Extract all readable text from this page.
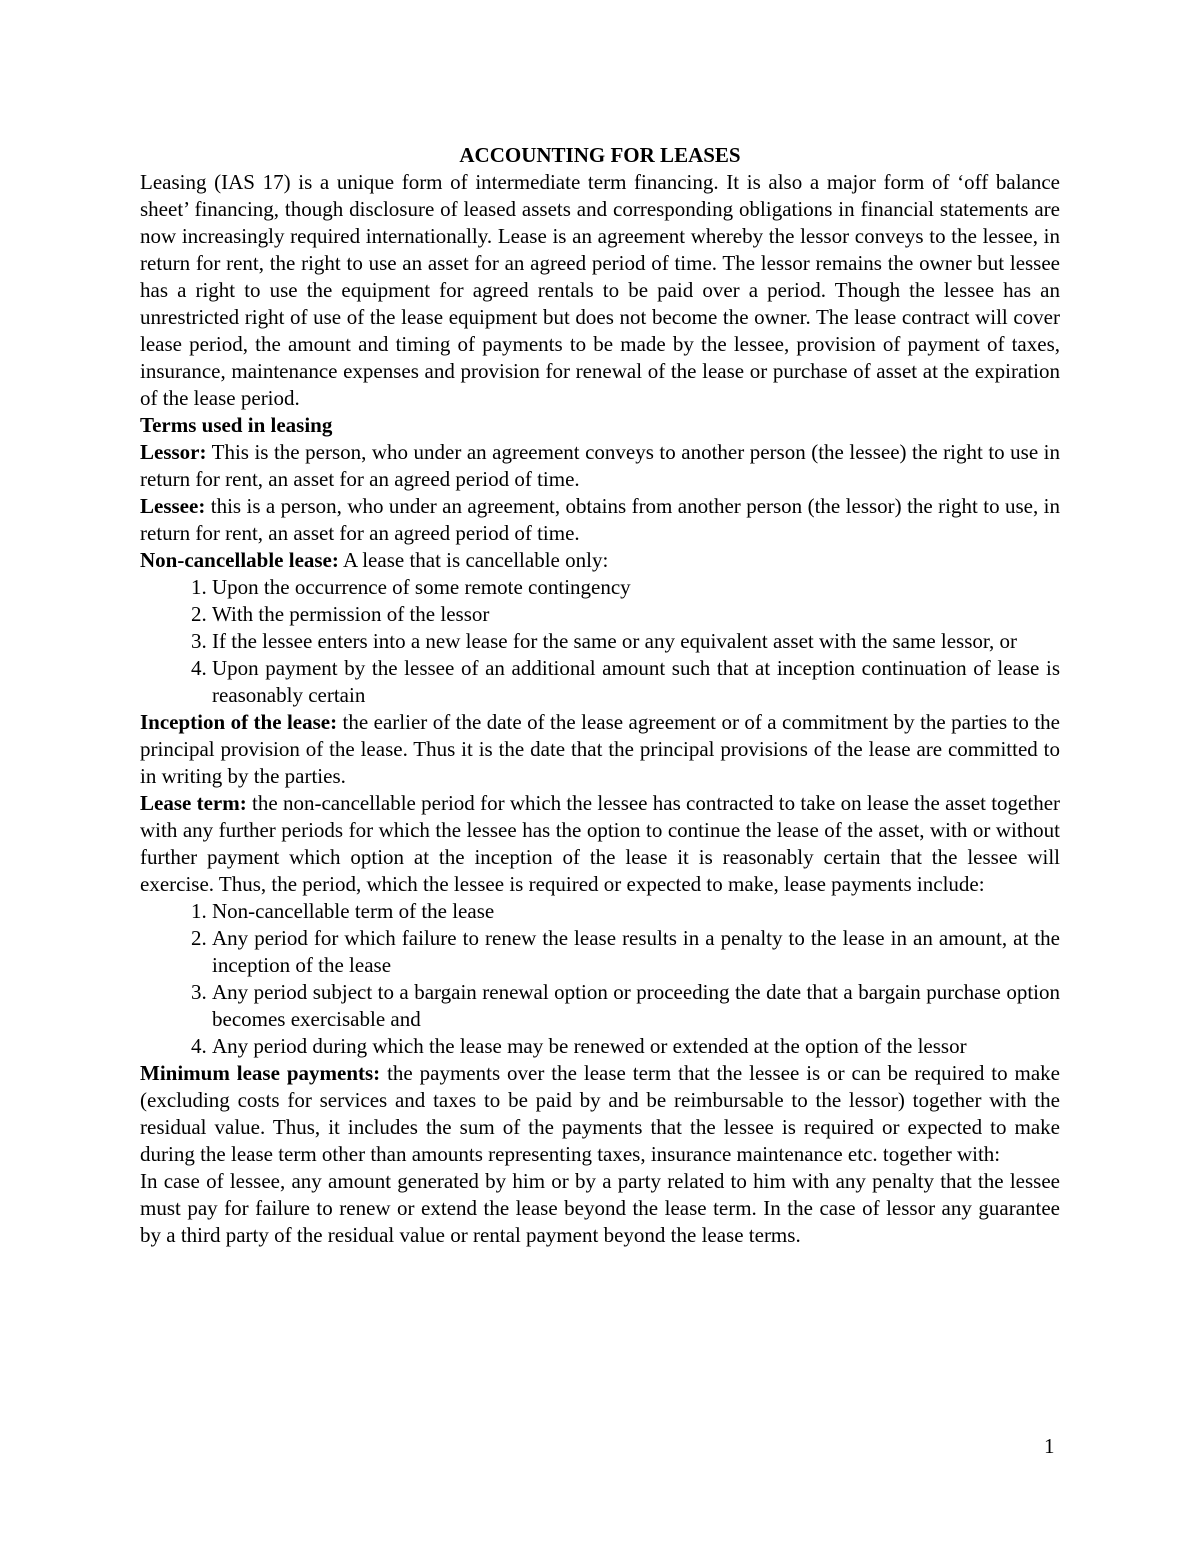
ACCOUNTING FOR LEASES

Leasing (IAS 17) is a unique form of intermediate term financing. It is also a major form of ‘off balance sheet’ financing, though disclosure of leased assets and corresponding obligations in financial statements are now increasingly required internationally. Lease is an agreement whereby the lessor conveys to the lessee, in return for rent, the right to use an asset for an agreed period of time. The lessor remains the owner but lessee has a right to use the equipment for agreed rentals to be paid over a period. Though the lessee has an unrestricted right of use of the lease equipment but does not become the owner. The lease contract will cover lease period, the amount and timing of payments to be made by the lessee, provision of payment of taxes, insurance, maintenance expenses and provision for renewal of the lease or purchase of asset at the expiration of the lease period.

Terms used in leasing

Lessor: This is the person, who under an agreement conveys to another person (the lessee) the right to use in return for rent, an asset for an agreed period of time.

Lessee: this is a person, who under an agreement, obtains from another person (the lessor) the right to use, in return for rent, an asset for an agreed period of time.

Non-cancellable lease: A lease that is cancellable only:

1. Upon the occurrence of some remote contingency
2. With the permission of the lessor
3. If the lessee enters into a new lease for the same or any equivalent asset with the same lessor, or
4. Upon payment by the lessee of an additional amount such that at inception continuation of lease is reasonably certain

Inception of the lease: the earlier of the date of the lease agreement or of a commitment by the parties to the principal provision of the lease. Thus it is the date that the principal provisions of the lease are committed to in writing by the parties.

Lease term: the non-cancellable period for which the lessee has contracted to take on lease the asset together with any further periods for which the lessee has the option to continue the lease of the asset, with or without further payment which option at the inception of the lease it is reasonably certain that the lessee will exercise. Thus, the period, which the lessee is required or expected to make, lease payments include:

1. Non-cancellable term of the lease
2. Any period for which failure to renew the lease results in a penalty to the lease in an amount, at the inception of the lease
3. Any period subject to a bargain renewal option or proceeding the date that a bargain purchase option becomes exercisable and
4. Any period during which the lease may be renewed or extended at the option of the lessor

Minimum lease payments: the payments over the lease term that the lessee is or can be required to make (excluding costs for services and taxes to be paid by and be reimbursable to the lessor) together with the residual value. Thus, it includes the sum of the payments that the lessee is required or expected to make during the lease term other than amounts representing taxes, insurance maintenance etc. together with:

In case of lessee, any amount generated by him or by a party related to him with any penalty that the lessee must pay for failure to renew or extend the lease beyond the lease term. In the case of lessor any guarantee by a third party of the residual value or rental payment beyond the lease terms.

1
